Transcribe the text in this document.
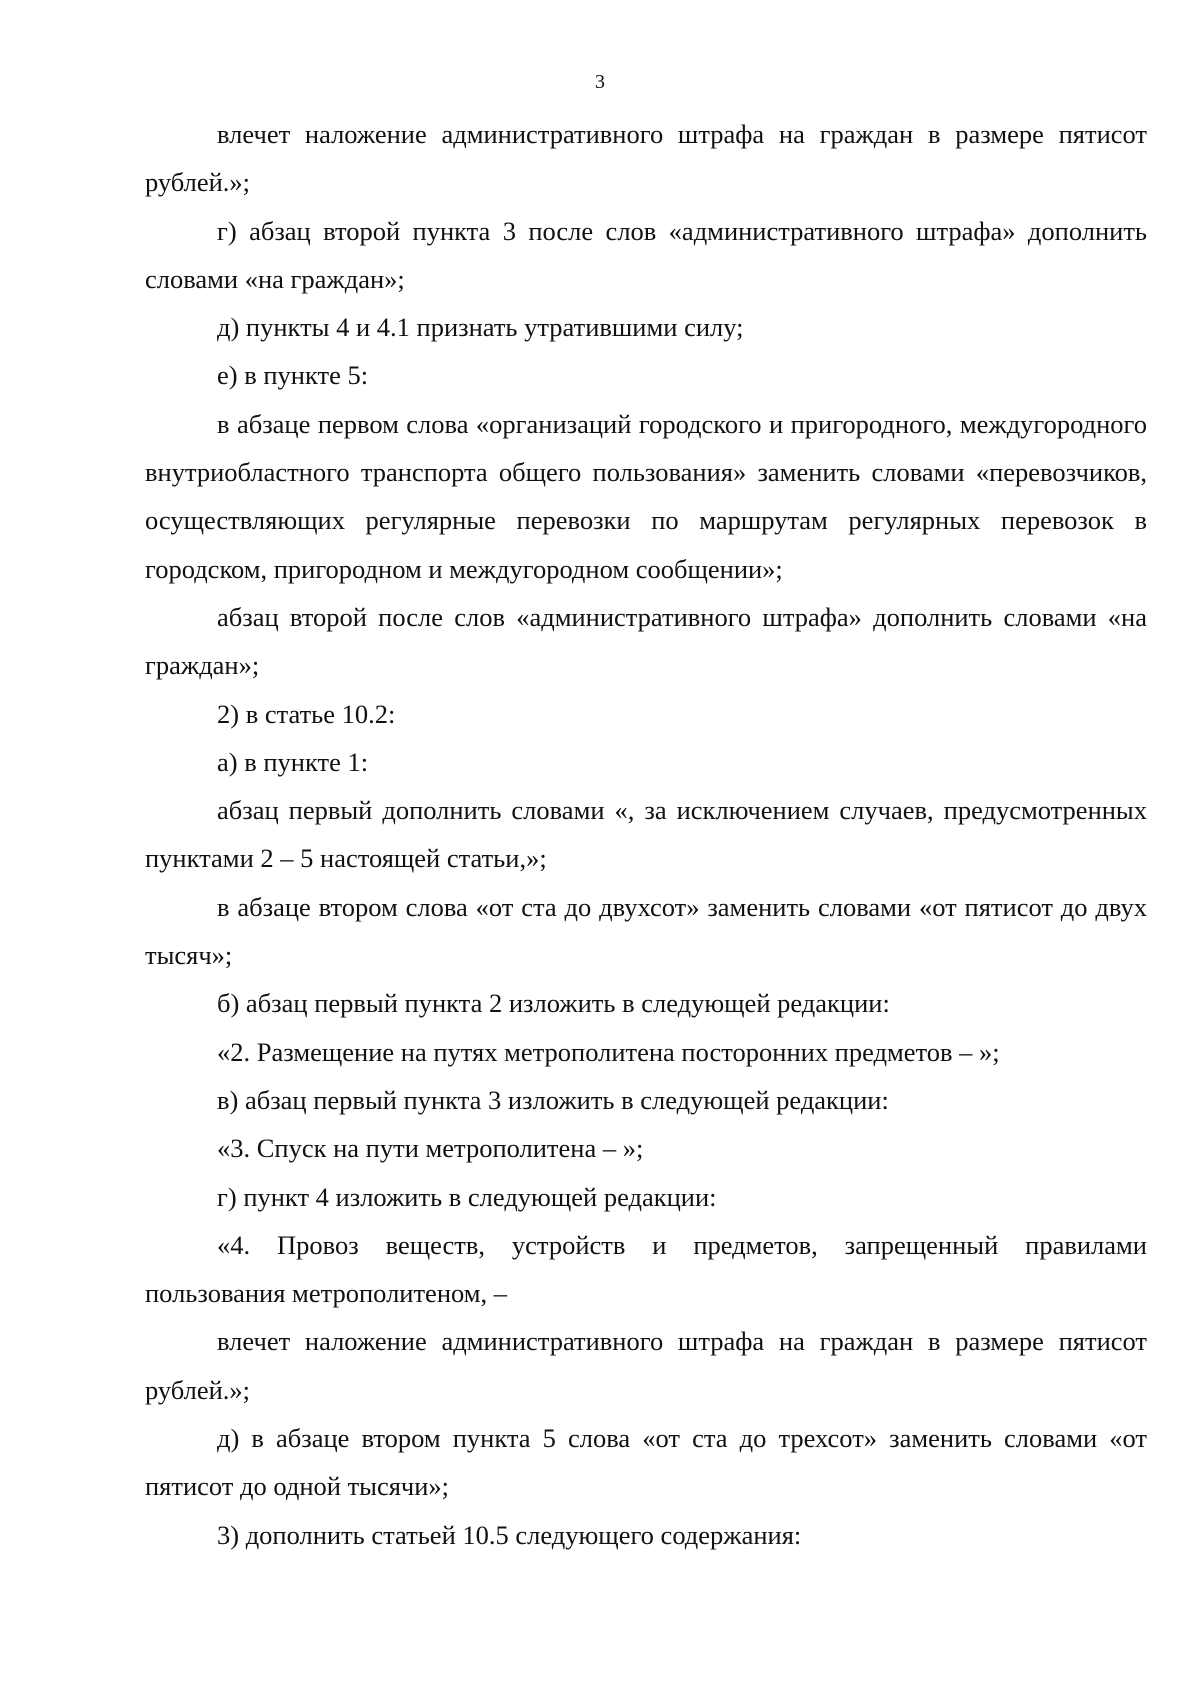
3

влечет наложение административного штрафа на граждан в размере пятисот рублей.»;

г) абзац второй пункта 3 после слов «административного штрафа» дополнить словами «на граждан»;

д) пункты 4 и 4.1 признать утратившими силу;

е) в пункте 5:

в абзаце первом слова «организаций городского и пригородного, междугородного внутриобластного транспорта общего пользования» заменить словами «перевозчиков, осуществляющих регулярные перевозки по маршрутам регулярных перевозок в городском, пригородном и междугородном сообщении»;

абзац второй после слов «административного штрафа» дополнить словами «на граждан»;

2) в статье 10.2:

а) в пункте 1:

абзац первый дополнить словами «, за исключением случаев, предусмотренных пунктами 2 – 5 настоящей статьи,»;

в абзаце втором слова «от ста до двухсот» заменить словами «от пятисот до двух тысяч»;

б) абзац первый пункта 2 изложить в следующей редакции:

«2. Размещение на путях метрополитена посторонних предметов – »;

в) абзац первый пункта 3 изложить в следующей редакции:

«3. Спуск на пути метрополитена – »;

г) пункт 4 изложить в следующей редакции:

«4. Провоз веществ, устройств и предметов, запрещенный правилами пользования метрополитеном, –

влечет наложение административного штрафа на граждан в размере пятисот рублей.»;

д) в абзаце втором пункта 5 слова «от ста до трехсот» заменить словами «от пятисот до одной тысячи»;

3) дополнить статьей 10.5 следующего содержания:
